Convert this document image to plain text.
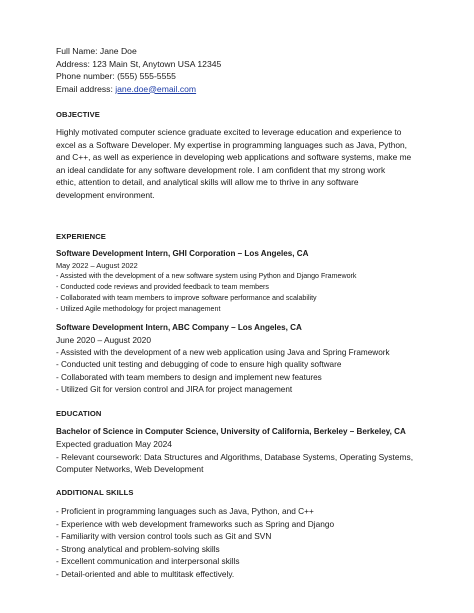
Full Name: Jane Doe
Address: 123 Main St, Anytown USA 12345
Phone number: (555) 555-5555
Email address: jane.doe@email.com
OBJECTIVE
Highly motivated computer science graduate excited to leverage education and experience to
excel as a Software Developer. My expertise in programming languages such as Java, Python,
and C++, as well as experience in developing web applications and software systems, make me
an ideal candidate for any software development role. I am confident that my strong work
ethic, attention to detail, and analytical skills will allow me to thrive in any software
development environment.
EXPERIENCE
Software Development Intern, GHI Corporation – Los Angeles, CA
May 2022 – August 2022
- Assisted with the development of a new software system using Python and Django Framework
- Conducted code reviews and provided feedback to team members
- Collaborated with team members to improve software performance and scalability
- Utilized Agile methodology for project management
Software Development Intern, ABC Company – Los Angeles, CA
June 2020 – August 2020
- Assisted with the development of a new web application using Java and Spring Framework
- Conducted unit testing and debugging of code to ensure high quality software
- Collaborated with team members to design and implement new features
- Utilized Git for version control and JIRA for project management
EDUCATION
Bachelor of Science in Computer Science, University of California, Berkeley – Berkeley, CA
Expected graduation May 2024
- Relevant coursework: Data Structures and Algorithms, Database Systems, Operating Systems,
Computer Networks, Web Development
ADDITIONAL SKILLS
- Proficient in programming languages such as Java, Python, and C++
- Experience with web development frameworks such as Spring and Django
- Familiarity with version control tools such as Git and SVN
- Strong analytical and problem-solving skills
- Excellent communication and interpersonal skills
- Detail-oriented and able to multitask effectively.
